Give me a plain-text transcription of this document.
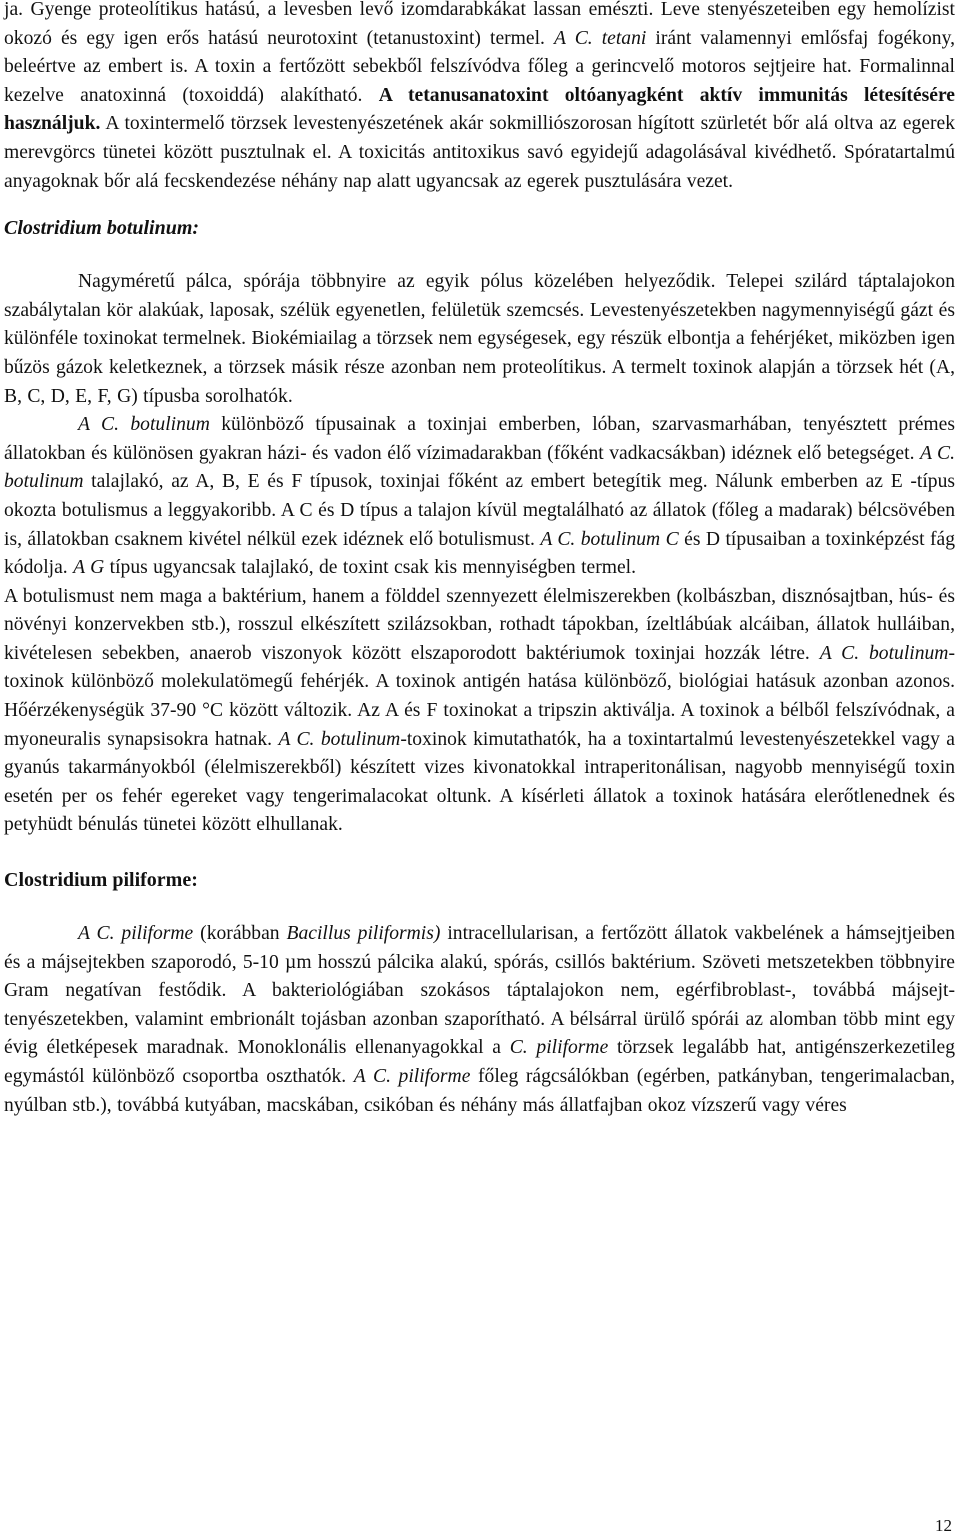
ja. Gyenge proteolítikus hatású, a levesben levő izomdarabkákat lassan emészti. Leve stenyészeteiben egy hemolízist okozó és egy igen erős hatású neurotoxint (tetanustoxint) termel. A C. tetani iránt valamennyi emlősfaj fogékony, beleértve az embert is. A toxin a fertőzött sebekből felszívódva főleg a gerincvelő motoros sejtjeire hat. Formalinnal kezelve anatoxinná (toxoiddá) alakítható. A tetanusanatoxint oltóanyagként aktív immunitás létesítésére használjuk. A toxintermelő törzsek levestenyészetének akár sokmilliószorosan hígított szürletét bőr alá oltva az egerek merevgörcs tünetei között pusztulnak el. A toxicitás antitoxikus savó egyidejű adagolásával kivédhető. Spóratartalmú anyagoknak bőr alá fecskendezése néhány nap alatt ugyancsak az egerek pusztulására vezet.

Clostridium botulinum:

Nagyméretű pálca, spórája többnyire az egyik pólus közelében helyeződik. Telepei szilárd táptalajokon szabálytalan kör alakúak, laposak, szélük egyenetlen, felületük szemcsés. Levestenyészetekben nagymennyiségű gázt és különféle toxinokat termelnek. Biokémiailag a törzsek nem egységesek, egy részük elbontja a fehérjéket, miközben igen bűzös gázok keletkeznek, a törzsek másik része azonban nem proteolítikus. A termelt toxinok alapján a törzsek hét (A, B, C, D, E, F, G) típusba sorolhatók.

A C. botulinum különböző típusainak a toxinjai emberben, lóban, szarvasmarhában, tenyésztett prémes állatokban és különösen gyakran házi- és vadon élő vízimadarakban (főként vadkacsákban) idéznek elő betegséget. A C. botulinum talajlakó, az A, B, E és F típusok, toxinjai főként az embert betegítik meg. Nálunk emberben az E -típus okozta botulismus a leggyakoribb. A C és D típus a talajon kívül megtalálható az állatok (főleg a madarak) bélcsövében is, állatokban csaknem kivétel nélkül ezek idéznek elő botulismust. A C. botulinum C és D típusaiban a toxinképzést fág kódolja. A G típus ugyancsak talajlakó, de toxint csak kis mennyiségben termel.

A botulismust nem maga a baktérium, hanem a földdel szennyezett élelmiszerekben (kolbászban, disznósajtban, hús- és növényi konzervekben stb.), rosszul elkészített szilázsokban, rothadt tápokban, ízeltlábúak alcáiban, állatok hulláiban, kivételesen sebekben, anaerob viszonyok között elszaporodott baktériumok toxinjai hozzák létre. A C. botulinum-toxinok különböző molekulatömegű fehérjék. A toxinok antigén hatása különböző, biológiai hatásuk azonban azonos. Hőérzékenységük 37-90 °C között változik. Az A és F toxinokat a tripszin aktiválja. A toxinok a bélből felszívódnak, a myoneuralis synapsisokra hatnak. A C. botulinum-toxinok kimutathatók, ha a toxintartalmú levestenyészetekkel vagy a gyanús takarmányokból (élelmiszerekből) készített vizes kivonatokkal intraperitonálisan, nagyobb mennyiségű toxin esetén per os fehér egereket vagy tengerimalacokat oltunk. A kísérleti állatok a toxinok hatására elerőtlenednek és petyhüdt bénulás tünetei között elhullanak.

Clostridium piliforme:

A C. piliforme (korábban Bacillus piliformis) intracellularisan, a fertőzött állatok vakbelének a hámsejtjeiben és a májsejtekben szaporodó, 5-10 µm hosszú pálcika alakú, spórás, csillós baktérium. Szöveti metszetekben többnyire Gram negatívan festődik. A bakteriológiában szokásos táptalajokon nem, egérfibroblast-, továbbá májsejt-tenyészetekben, valamint embrionált tojásban azonban szaporítható. A bélsárral ürülő spórái az alomban több mint egy évig életképesek maradnak. Monoklonális ellenanyagokkal a C. piliforme törzsek legalább hat, antigénszerkezetileg egymástól különböző csoportba oszthatók. A C. piliforme főleg rágcsálókban (egérben, patkányban, tengerimalacban, nyúlban stb.), továbbá kutyában, macskában, csikóban és néhány más állatfajban okoz vízszerű vagy véres

12
